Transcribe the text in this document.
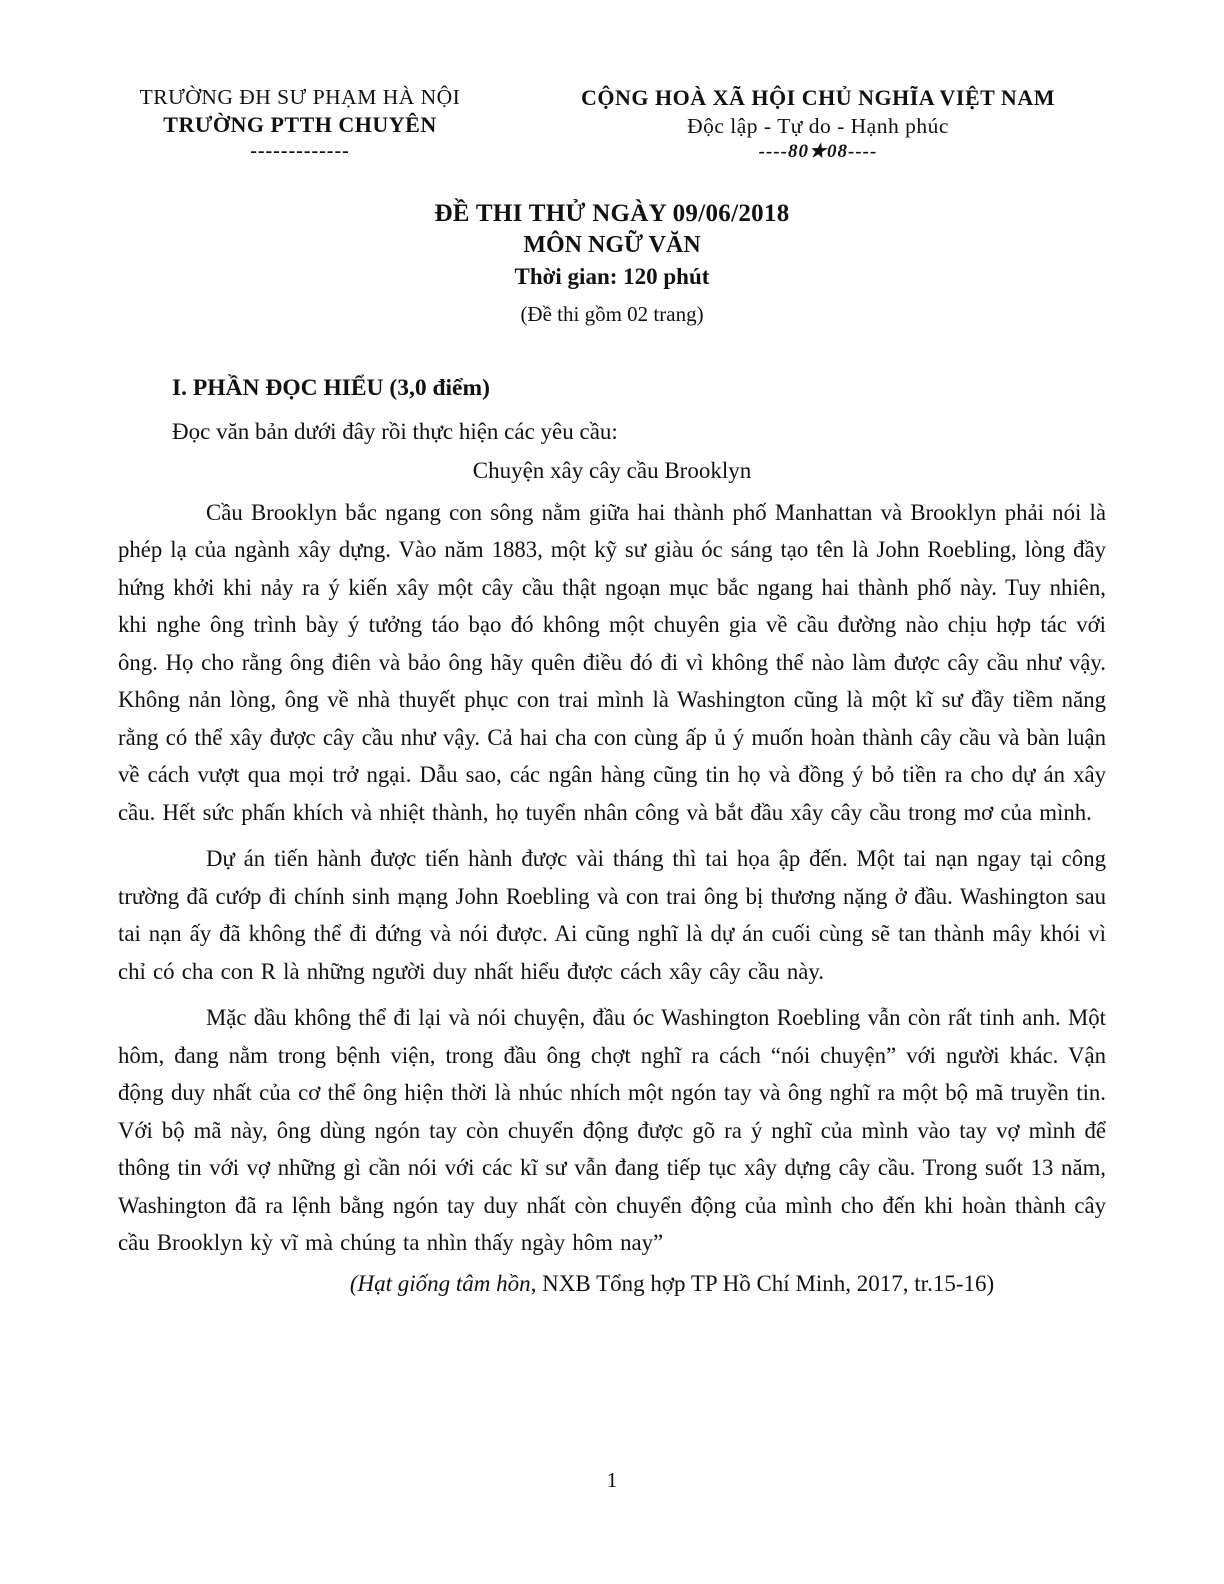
TRƯỜNG ĐH SƯ PHẠM HÀ NỘI
TRƯỜNG PTTH CHUYÊN
-------------
CỘNG HOÀ XÃ HỘI CHỦ NGHĨA VIỆT NAM
Độc lập - Tự do - Hạnh phúc
----80★08----
ĐỀ THI THỬ NGÀY 09/06/2018
MÔN NGỮ VĂN
Thời gian: 120 phút
(Đề thi gồm 02 trang)
I. PHẦN ĐỌC HIỂU (3,0 điểm)
Đọc văn bản dưới đây rồi thực hiện các yêu cầu:
Chuyện xây cây cầu Brooklyn

Cầu Brooklyn bắc ngang con sông nằm giữa hai thành phố Manhattan và Brooklyn phải nói là phép lạ của ngành xây dựng. Vào năm 1883, một kỹ sư giàu óc sáng tạo tên là John Roebling, lòng đầy hứng khởi khi nảy ra ý kiến xây một cây cầu thật ngoạn mục bắc ngang hai thành phố này. Tuy nhiên, khi nghe ông trình bày ý tưởng táo bạo đó không một chuyên gia về cầu đường nào chịu hợp tác với ông. Họ cho rằng ông điên và bảo ông hãy quên điều đó đi vì không thể nào làm được cây cầu như vậy. Không nản lòng, ông về nhà thuyết phục con trai mình là Washington cũng là một kĩ sư đầy tiềm năng rằng có thể xây được cây cầu như vậy. Cả hai cha con cùng ấp ủ ý muốn hoàn thành cây cầu và bàn luận về cách vượt qua mọi trở ngại. Dẫu sao, các ngân hàng cũng tin họ và đồng ý bỏ tiền ra cho dự án xây cầu. Hết sức phấn khích và nhiệt thành, họ tuyển nhân công và bắt đầu xây cây cầu trong mơ của mình.

Dự án tiến hành được tiến hành được vài tháng thì tai họa ập đến. Một tai nạn ngay tại công trường đã cướp đi chính sinh mạng John Roebling và con trai ông bị thương nặng ở đầu. Washington sau tai nạn ấy đã không thể đi đứng và nói được. Ai cũng nghĩ là dự án cuối cùng sẽ tan thành mây khói vì chỉ có cha con R là những người duy nhất hiểu được cách xây cây cầu này.

Mặc dầu không thể đi lại và nói chuyện, đầu óc Washington Roebling vẫn còn rất tinh anh. Một hôm, đang nằm trong bệnh viện, trong đầu ông chợt nghĩ ra cách “nói chuyện” với người khác. Vận động duy nhất của cơ thể ông hiện thời là nhúc nhích một ngón tay và ông nghĩ ra một bộ mã truyền tin. Với bộ mã này, ông dùng ngón tay còn chuyển động được gõ ra ý nghĩ của mình vào tay vợ mình để thông tin với vợ những gì cần nói với các kĩ sư vẫn đang tiếp tục xây dựng cây cầu. Trong suốt 13 năm, Washington đã ra lệnh bằng ngón tay duy nhất còn chuyển động của mình cho đến khi hoàn thành cây cầu Brooklyn kỳ vĩ mà chúng ta nhìn thấy ngày hôm nay”

(Hạt giống tâm hồn, NXB Tổng hợp TP Hồ Chí Minh, 2017, tr.15-16)
1
